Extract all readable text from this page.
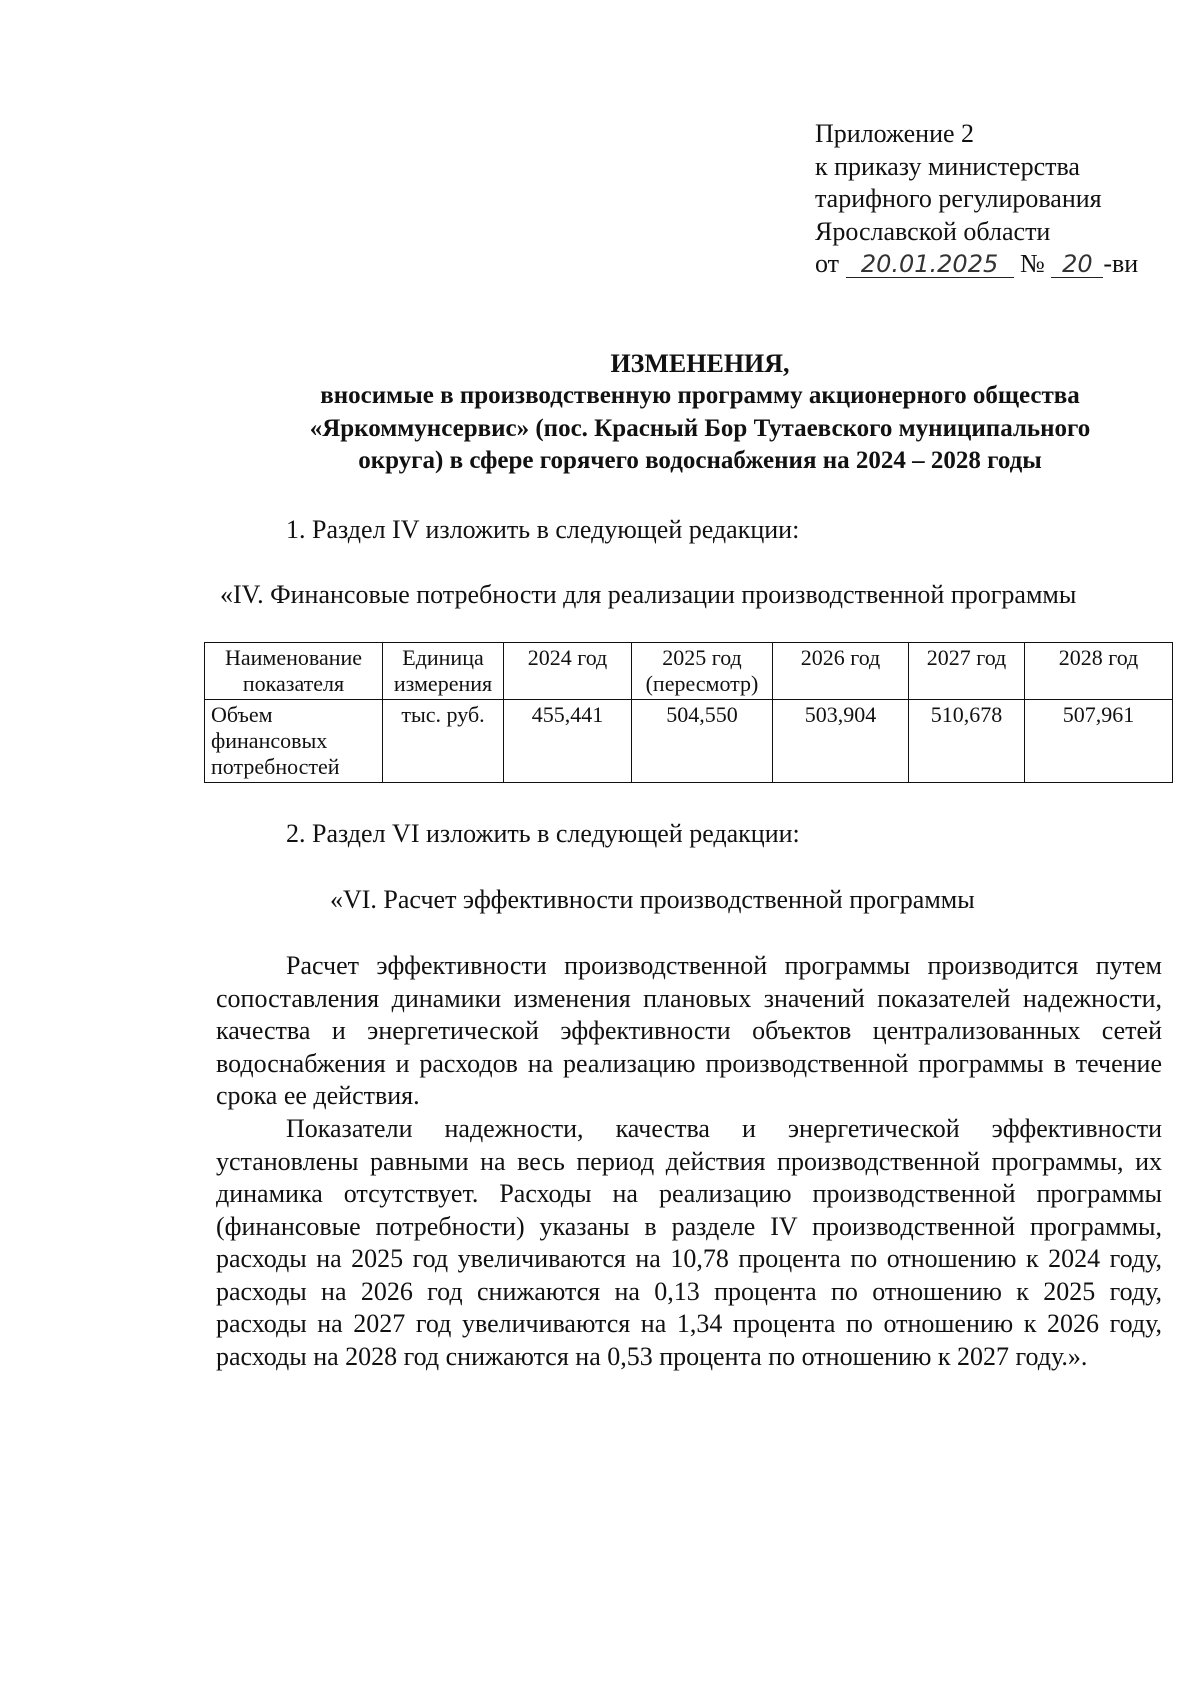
Приложение 2
к приказу министерства
тарифного регулирования
Ярославской области
от 20.01.2025 № 20 -ви
ИЗМЕНЕНИЯ,
вносимые в производственную программу акционерного общества
«Яркоммунсервис» (пос. Красный Бор Тутаевского муниципального
округа) в сфере горячего водоснабжения на 2024 – 2028 годы
1. Раздел IV изложить в следующей редакции:
«IV. Финансовые потребности для реализации производственной программы
Наименование показателя	Единица измерения	2024 год	2025 год (пересмотр)	2026 год	2027 год	2028 год
Объем финансовых потребностей	тыс. руб.	455,441	504,550	503,904	510,678	507,961
2. Раздел VI изложить в следующей редакции:
«VI. Расчет эффективности производственной программы

Расчет эффективности производственной программы производится путем сопоставления динамики изменения плановых значений показателей надежности, качества и энергетической эффективности объектов централизованных сетей водоснабжения и расходов на реализацию производственной программы в течение срока ее действия.

Показатели надежности, качества и энергетической эффективности установлены равными на весь период действия производственной программы, их динамика отсутствует. Расходы на реализацию производственной программы (финансовые потребности) указаны в разделе IV производственной программы, расходы на 2025 год увеличиваются на 10,78 процента по отношению к 2024 году, расходы на 2026 год снижаются на 0,13 процента по отношению к 2025 году, расходы на 2027 год увеличиваются на 1,34 процента по отношению к 2026 году, расходы на 2028 год снижаются на 0,53 процента по отношению к 2027 году.».
